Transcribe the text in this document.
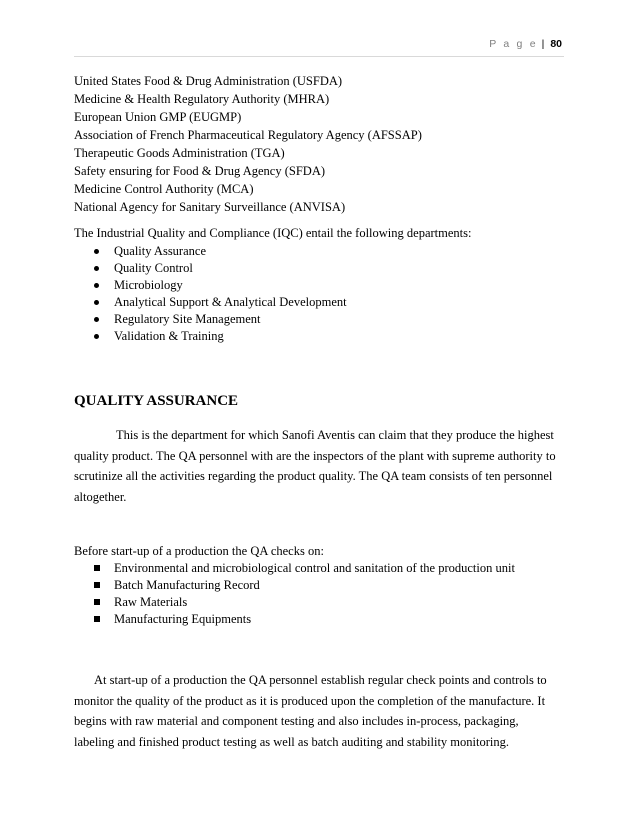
P a g e | 80
United States Food & Drug Administration (USFDA)
Medicine & Health Regulatory Authority (MHRA)
European Union GMP (EUGMP)
Association of French Pharmaceutical Regulatory Agency (AFSSAP)
Therapeutic Goods Administration (TGA)
Safety ensuring for Food & Drug Agency (SFDA)
Medicine Control Authority (MCA)
National Agency for Sanitary Surveillance (ANVISA)
The Industrial Quality and Compliance (IQC) entail the following departments:
Quality Assurance
Quality Control
Microbiology
Analytical Support & Analytical Development
Regulatory Site Management
Validation & Training
QUALITY ASSURANCE
This is the department for which Sanofi Aventis can claim that they produce the highest
quality product. The QA personnel with are the inspectors of the plant with supreme authority to
scrutinize all the activities regarding the product quality. The QA team consists of ten personnel
altogether.
Before start-up of a production the QA checks on:
Environmental and microbiological control and sanitation of the production unit
Batch Manufacturing Record
Raw Materials
Manufacturing Equipments
At start-up of a production the QA personnel establish regular check points and controls to
monitor the quality of the product as it is produced upon the completion of the manufacture. It
begins with raw material and component testing and also includes in-process, packaging,
labeling and finished product testing as well as batch auditing and stability monitoring.
